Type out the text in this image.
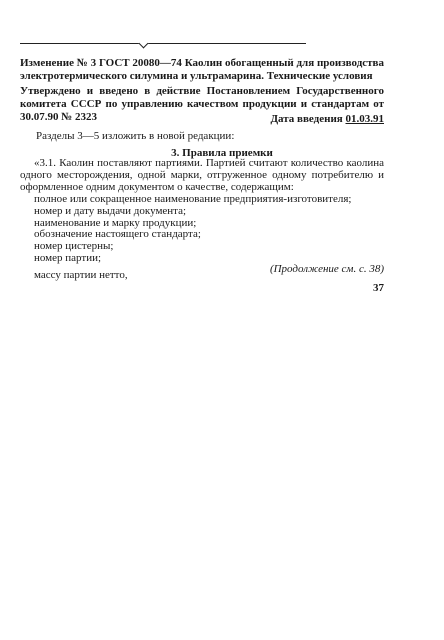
Изменение № 3 ГОСТ 20080—74 Каолин обогащенный для производства электротермического силумина и ультрамарина. Технические условия
Утверждено и введено в действие Постановлением Государственного комитета СССР по управлению качеством продукции и стандартам от 30.07.90 № 2323	Дата введения 01.03.91
Разделы 3—5 изложить в новой редакции:
3. Правила приемки
«3.1. Каолин поставляют партиями. Партией считают количество каолина одного месторождения, одной марки, отгруженное одному потребителю и оформленное одним документом о качестве, содержащим:
полное или сокращенное наименование предприятия-изготовителя;
номер и дату выдачи документа;
наименование и марку продукции;
обозначение настоящего стандарта;
номер цистерны;
номер партии;
массу партии нетто,	(Продолжение см. с. 38)
37
